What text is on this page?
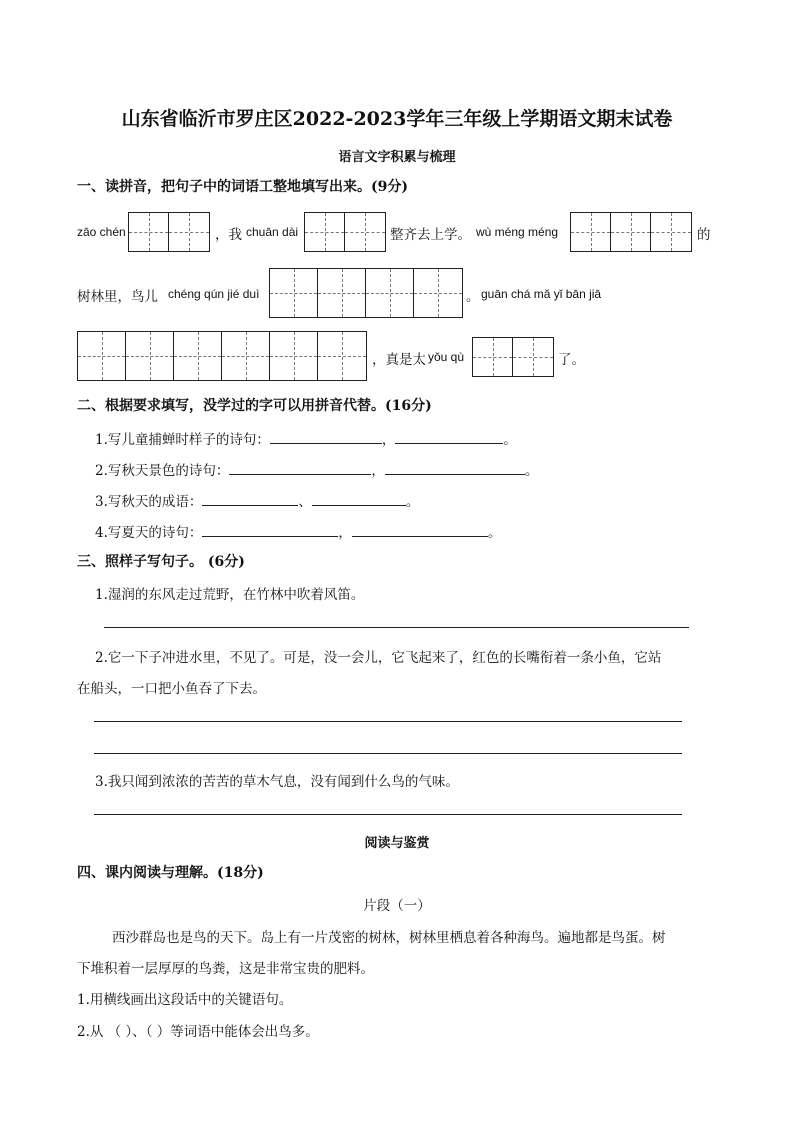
山东省临沂市罗庄区2022-2023学年三年级上学期语文期末试卷
语言文字积累与梳理
一、读拼音，把句子中的词语工整地填写出来。(9分)
zāo chén	，我 chuān dài	整齐去上学。 wù méng méng	的
树林里，鸟儿 chéng qún jié duì	。 guān chá mǎ yǐ bān jiā
，真是太 yǒu qù	了。
二、根据要求填写，没学过的字可以用拼音代替。(16分)
1.写儿童捕蝉时样子的诗句：	，	。
2.写秋天景色的诗句：	，	。
3.写秋天的成语：	、	。
4.写夏天的诗句：	，	。
三、照样子写句子。 (6分)
1.湿润的东风走过荒野，在竹林中吹着风笛。
2.它一下子冲进水里，不见了。可是，没一会儿，它飞起来了，红色的长嘴衔着一条小鱼，它站
在船头，一口把小鱼吞了下去。
3.我只闻到浓浓的苦苦的草木气息，没有闻到什么鸟的气味。
阅读与鉴赏
四、课内阅读与理解。(18分)
片段（一）
西沙群岛也是鸟的天下。岛上有一片茂密的树林，树林里栖息着各种海鸟。遍地都是鸟蛋。树
下堆积着一层厚厚的鸟粪，这是非常宝贵的肥料。
1.用横线画出这段话中的关键语句。
2.从 （ ）、（ ）等词语中能体会出鸟多。
